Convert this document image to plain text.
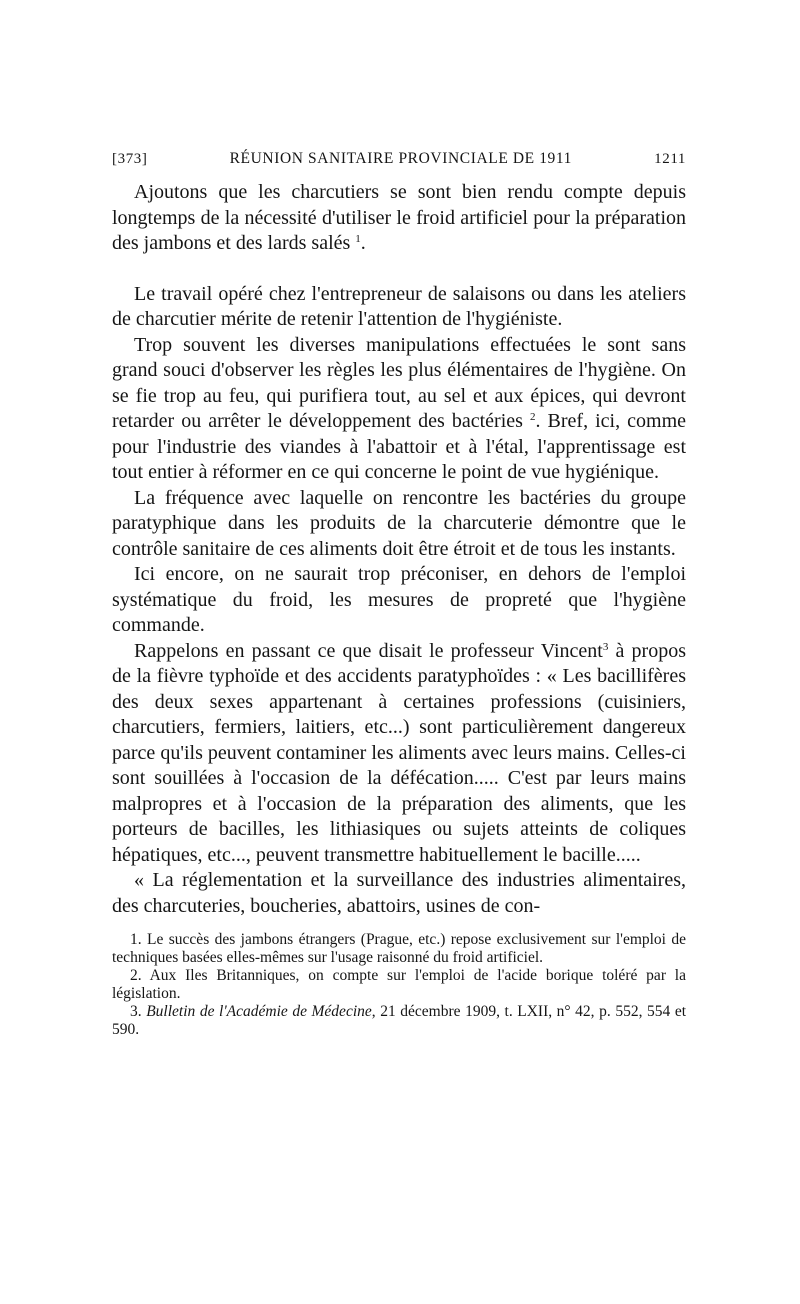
[373]	RÉUNION SANITAIRE PROVINCIALE DE 1911	1211

Ajoutons que les charcutiers se sont bien rendu compte depuis longtemps de la nécessité d'utiliser le froid artificiel pour la préparation des jambons et des lards salés $^1$.

Le travail opéré chez l'entrepreneur de salaisons ou dans les ateliers de charcutier mérite de retenir l'attention de l'hygiéniste.

Trop souvent les diverses manipulations effectuées le sont sans grand souci d'observer les règles les plus élémentaires de l'hygiène. On se fie trop au feu, qui purifiera tout, au sel et aux épices, qui devront retarder ou arrêter le développement des bactéries $^2$. Bref, ici, comme pour l'industrie des viandes à l'abattoir et à l'étal, l'apprentissage est tout entier à réformer en ce qui concerne le point de vue hygiénique.

La fréquence avec laquelle on rencontre les bactéries du groupe paratyphique dans les produits de la charcuterie démontre que le contrôle sanitaire de ces aliments doit être étroit et de tous les instants.

Ici encore, on ne saurait trop préconiser, en dehors de l'emploi systématique du froid, les mesures de propreté que l'hygiène commande.

Rappelons en passant ce que disait le professeur Vincent$^3$ à propos de la fièvre typhoïde et des accidents paratyphoïdes : « Les bacillifères des deux sexes appartenant à certaines professions (cuisiniers, charcutiers, fermiers, laitiers, etc...) sont particulièrement dangereux parce qu'ils peuvent contaminer les aliments avec leurs mains. Celles-ci sont souillées à l'occasion de la défécation..... C'est par leurs mains malpropres et à l'occasion de la préparation des aliments, que les porteurs de bacilles, les lithiasiques ou sujets atteints de coliques hépatiques, etc..., peuvent transmettre habituellement le bacille.....

« La réglementation et la surveillance des industries alimentaires, des charcuteries, boucheries, abattoirs, usines de con-

1. Le succès des jambons étrangers (Prague, etc.) repose exclusivement sur l'emploi de techniques basées elles-mêmes sur l'usage raisonné du froid artificiel.

2. Aux Iles Britanniques, on compte sur l'emploi de l'acide borique toléré par la législation.

3. Bulletin de l'Académie de Médecine, 21 décembre 1909, t. LXII, n° 42, p. 552, 554 et 590.
